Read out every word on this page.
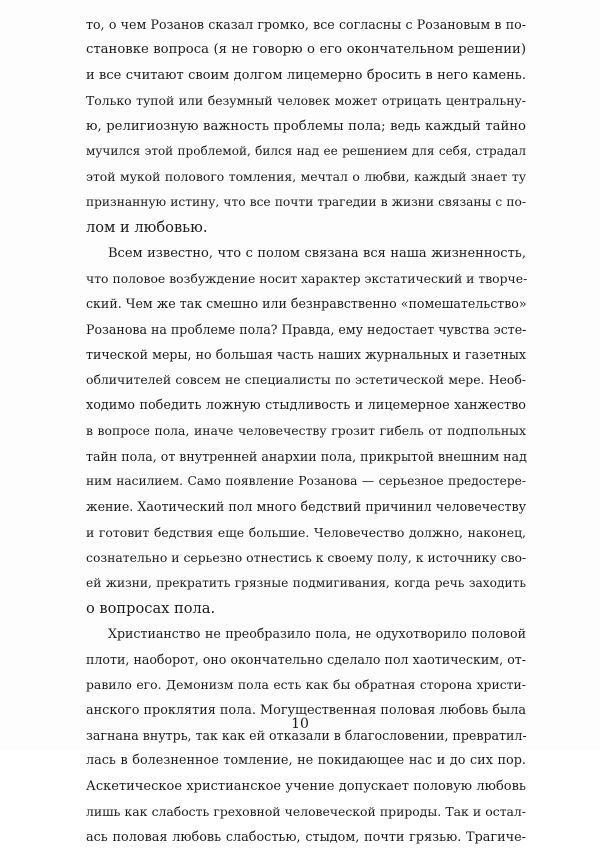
то, о чем Розанов сказал громко, все согласны с Розановым в по-
становке вопроса (я не говорю о его окончательном решении)
и все считают своим долгом лицемерно бросить в него камень.
Только тупой или безумный человек может отрицать центральну-
ю, религиозную важность проблемы пола; ведь каждый тайно
мучился этой проблемой, бился над ее решением для себя, страдал
этой мукой полового томления, мечтал о любви, каждый знает ту
признанную истину, что все почти трагедии в жизни связаны с по-
лом и любовью.
Всем известно, что с полом связана вся наша жизненность,
что половое возбуждение носит характер экстатический и творче-
ский. Чем же так смешно или безнравственно «помешательство»
Розанова на проблеме пола? Правда, ему недостает чувства эсте-
тической меры, но большая часть наших журнальных и газетных
обличителей совсем не специалисты по эстетической мере. Необ-
ходимо победить ложную стыдливость и лицемерное ханжество
в вопросе пола, иначе человечеству грозит гибель от подпольных
тайн пола, от внутренней анархии пола, прикрытой внешним над
ним насилием. Само появление Розанова — серьезное предостере-
жение. Хаотический пол много бедствий причинил человечеству
и готовит бедствия еще большие. Человечество должно, наконец,
сознательно и серьезно отнестись к своему полу, к источнику сво-
ей жизни, прекратить грязные подмигивания, когда речь заходить
о вопросах пола.
Христианство не преобразило пола, не одухотворило половой
плоти, наоборот, оно окончательно сделало пол хаотическим, от-
равило его. Демонизм пола есть как бы обратная сторона христи-
анского проклятия пола. Могущественная половая любовь была
загнана внутрь, так как ей отказали в благословении, превратил-
лась в болезненное томление, не покидающее нас и до сих пор.
Аскетическое христианское учение допускает половую любовь
лишь как слабость греховной человеческой природы. Так и остал-
ась половая любовь слабостью, стыдом, почти грязью. Трагиче-
10
